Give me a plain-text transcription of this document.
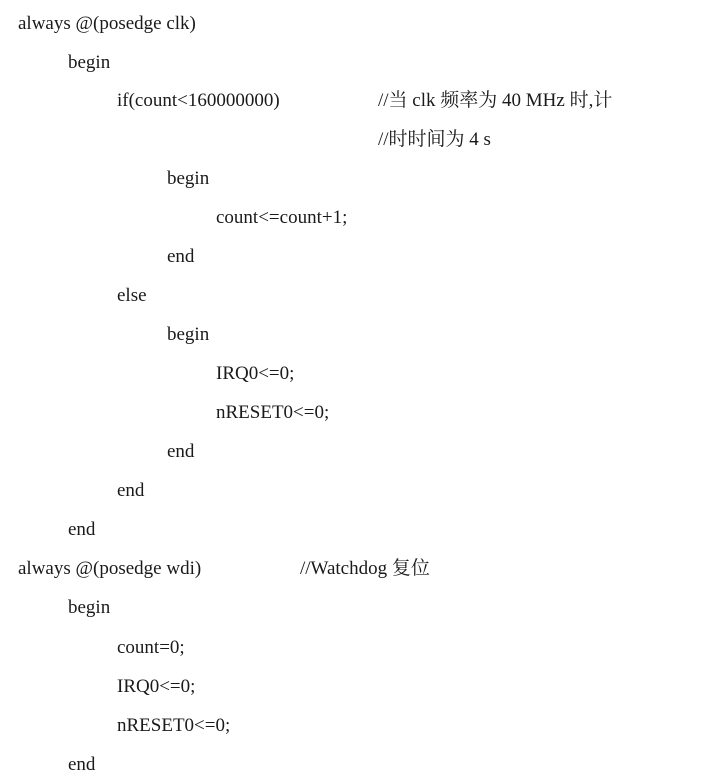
always @(posedge clk)
begin
if(count<160000000)	//当 clk 频率为 40 MHz 时,计
//时时间为 4 s
begin
count<=count+1;
end
else
begin
IRQ0<=0;
nRESET0<=0;
end
end
end
always @(posedge wdi)	//Watchdog 复位
begin
count=0;
IRQ0<=0;
nRESET0<=0;
end
